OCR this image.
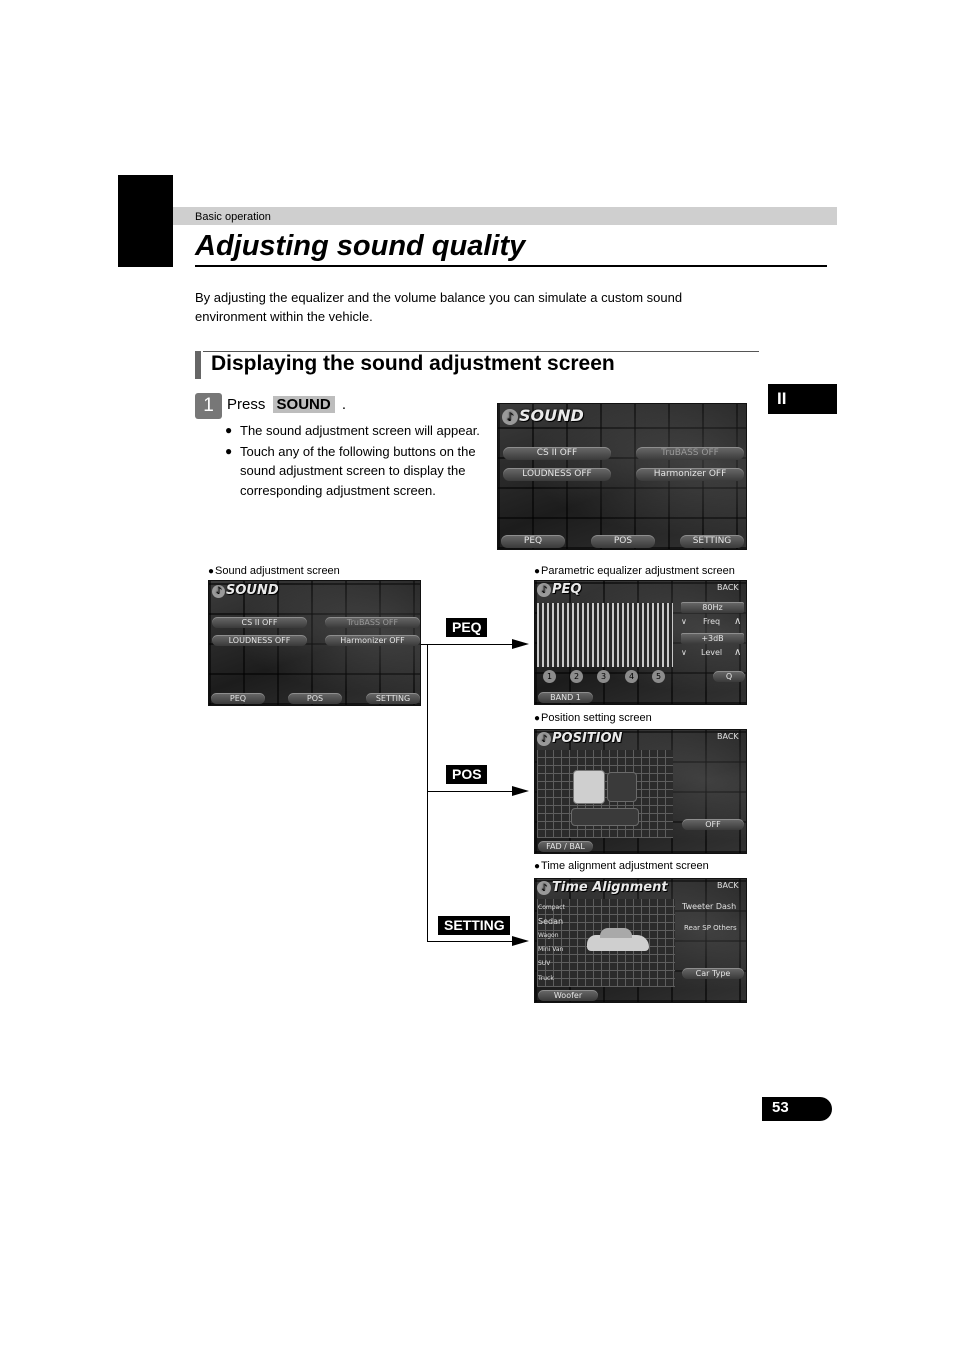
Basic operation
Adjusting sound quality
By adjusting the equalizer and the volume balance you can simulate a custom sound environment within the vehicle.
II
Displaying the sound adjustment screen
1 Press SOUND .
● The sound adjustment screen will appear.
● Touch any of the following buttons on the sound adjustment screen to display the corresponding adjustment screen.
♪ SOUND
CS II OFF	TruBASS OFF
LOUDNESS OFF	Harmonizer OFF
PEQ	POS	SETTING
● Sound adjustment screen
●	Parametric equalizer adjustment screen
● Position setting screen
● Time alignment adjustment screen
♪ SOUND
CS II OFF	TruBASS OFF
LOUDNESS OFF	Harmonizer OFF
PEQ	POS	SETTING
PEQ
POS
SETTING
♪ PEQ	BACK
80Hz
∨ Freq ∧
+3dB
∨ Level ∧
1	2	3	4	5	Q
BAND 1
♪ POSITION	BACK
OFF
FAD / BAL
♪ Time Alignment	BACK
Compact
Sedan
Wagon
Mini Van
SUV
Truck
Tweeter Dash
Rear SP Others
Car Type
Woofer
53
